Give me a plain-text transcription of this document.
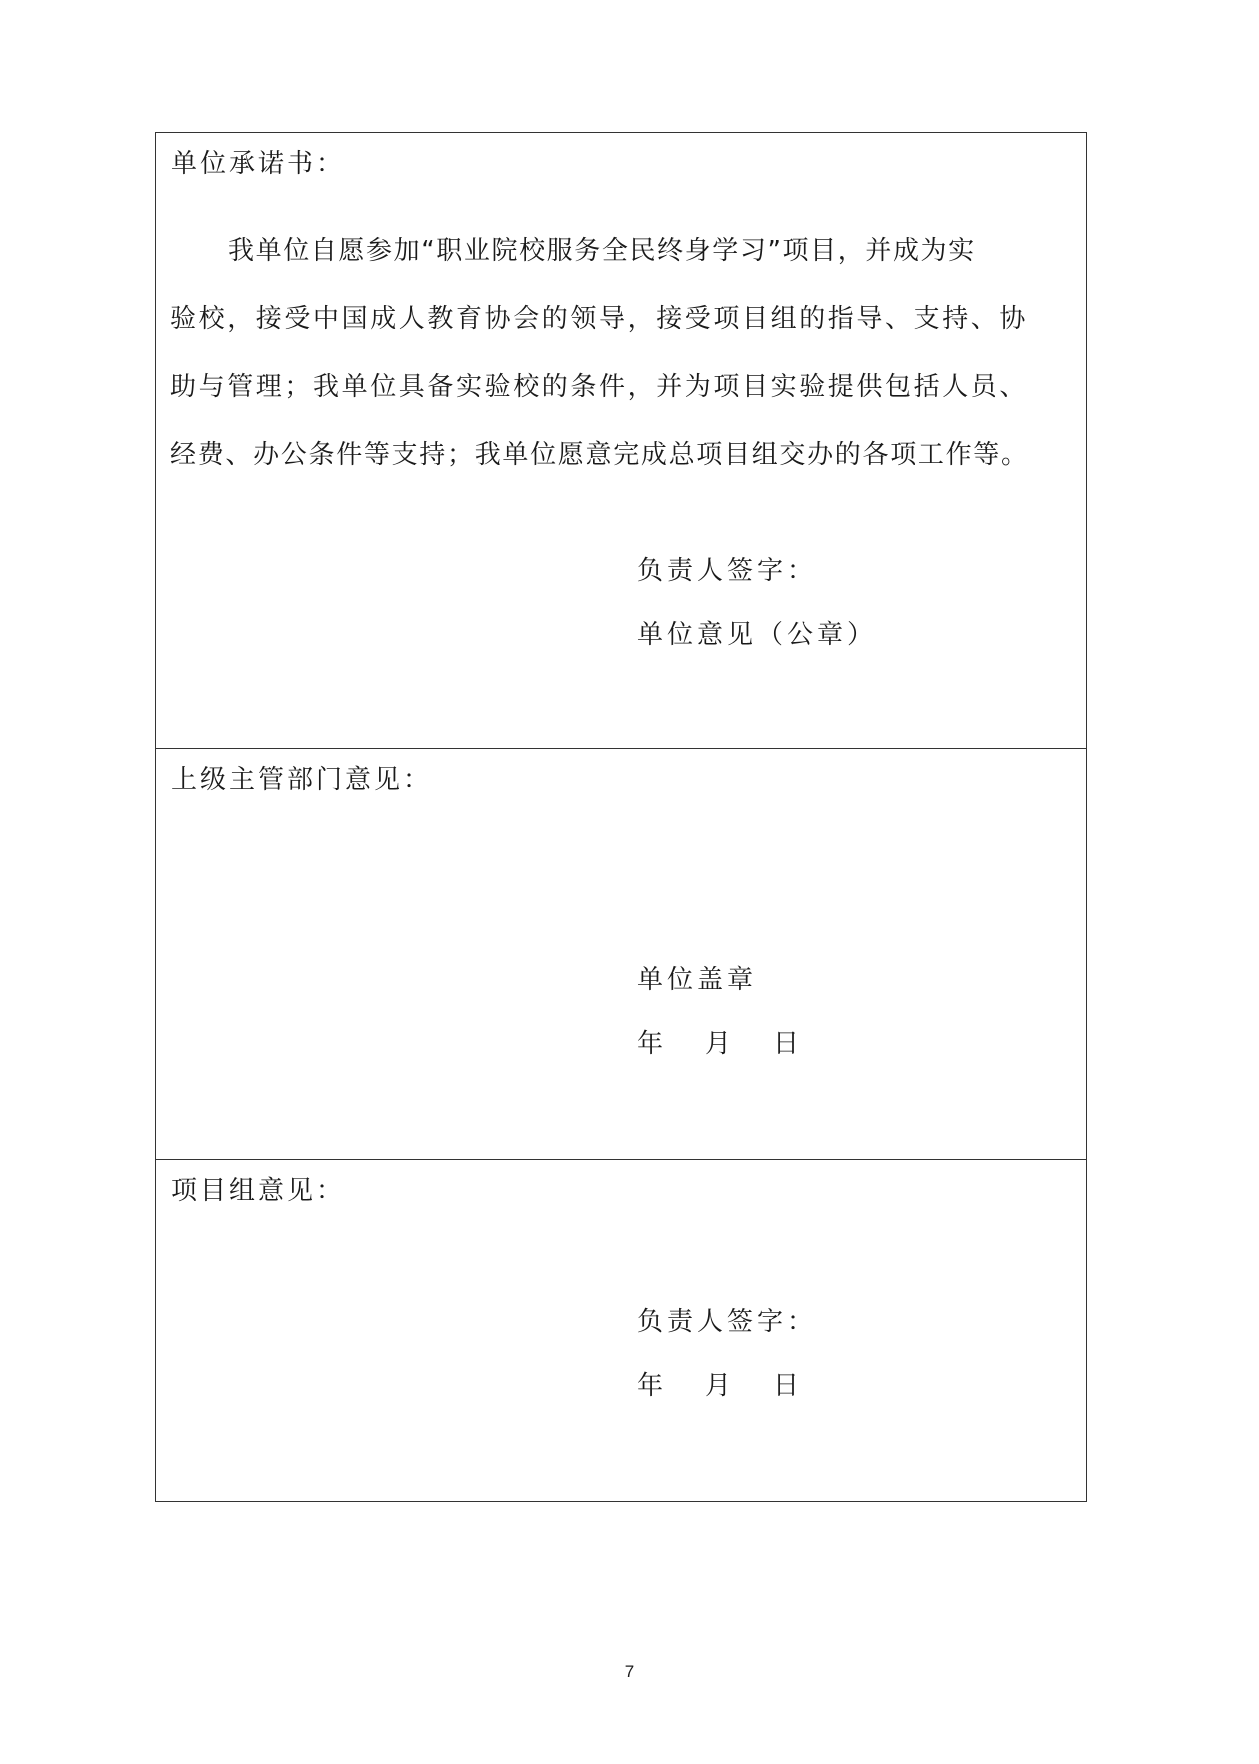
单位承诺书：
我单位自愿参加“职业院校服务全民终身学习”项目，并成为实
验校，接受中国成人教育协会的领导，接受项目组的指导、支持、协
助与管理；我单位具备实验校的条件，并为项目实验提供包括人员、
经费、办公条件等支持；我单位愿意完成总项目组交办的各项工作等。
负责人签字：
单位意见（公章）
上级主管部门意见：
单位盖章
年 月 日
项目组意见：
负责人签字：
年 月 日
7
